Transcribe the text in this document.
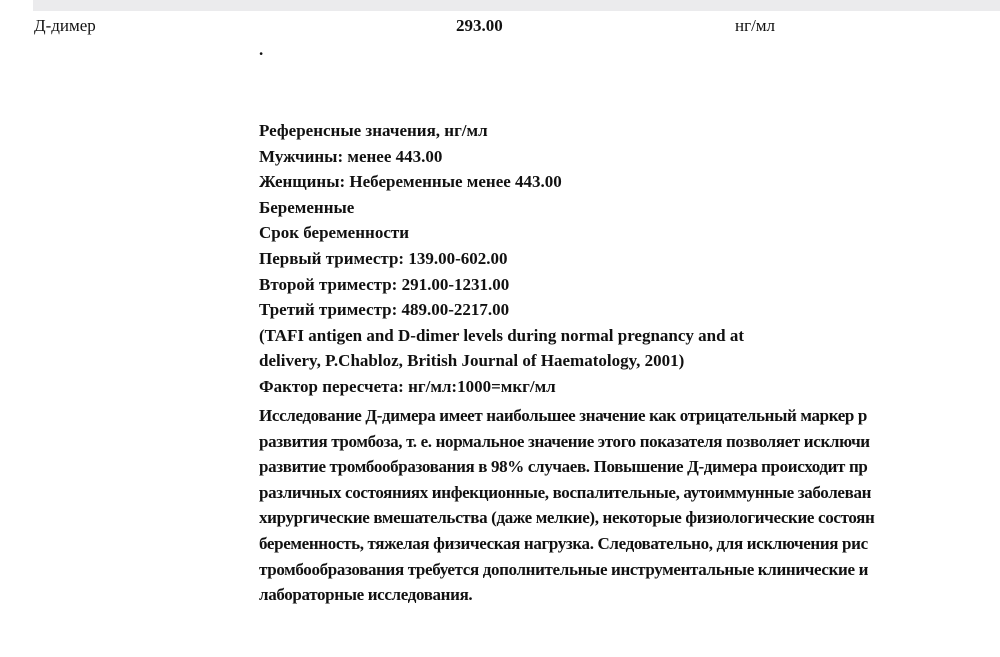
Д-димер	293.00	нг/мл
.
Референсные значения, нг/мл
Мужчины: менее 443.00
Женщины: Небеременные менее 443.00
Беременные
Срок беременности
Первый триместр: 139.00-602.00
Второй триместр: 291.00-1231.00
Третий триместр: 489.00-2217.00
(TAFI antigen and D-dimer levels during normal pregnancy and at
delivery, P.Chabloz, British Journal of Haematology, 2001)
Фактор пересчета: нг/мл:1000=мкг/мл
Исследование Д-димера имеет наибольшее значение как отрицательный маркер р
развития тромбоза, т. е. нормальное значение этого показателя позволяет исключи
развитие тромбообразования в 98% случаев. Повышение Д-димера происходит пр
различных состояниях инфекционные, воспалительные, аутоиммунные заболеван
хирургические вмешательства (даже мелкие), некоторые физиологические состоян
беременность, тяжелая физическая нагрузка. Следовательно, для исключения рис
тромбообразования требуется дополнительные инструментальные клинические и
лабораторные исследования.
